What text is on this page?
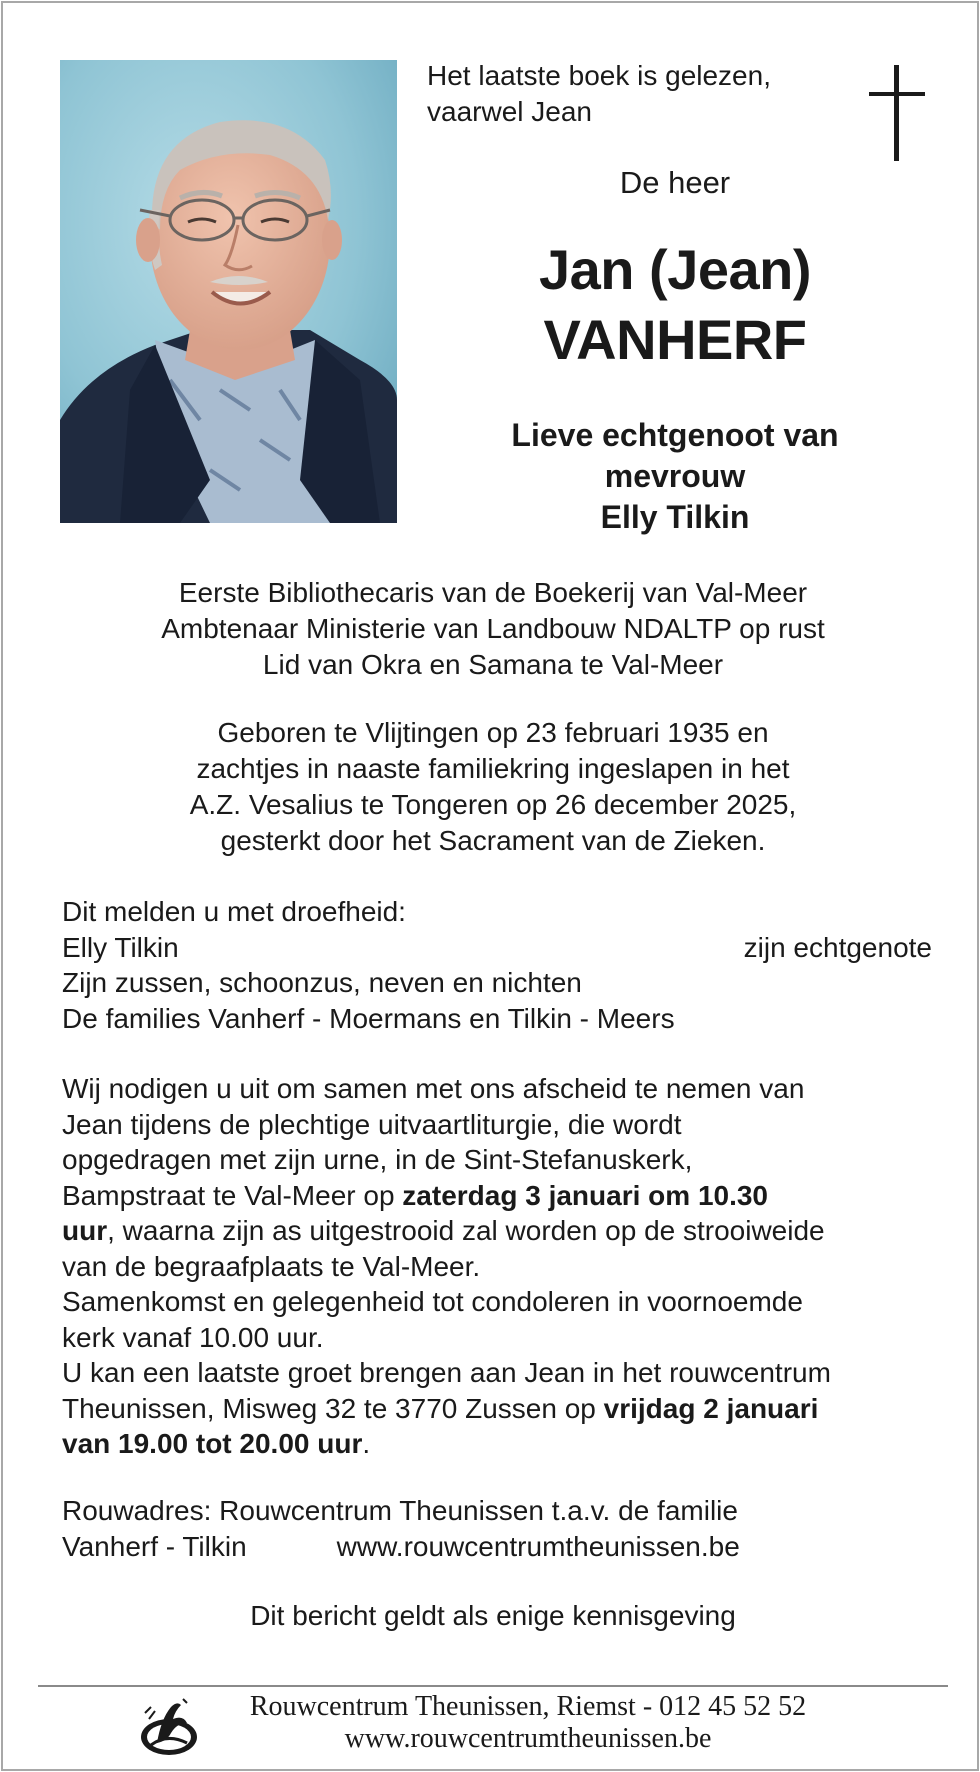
Het laatste boek is gelezen,
vaarwel Jean
De heer
Jan (Jean)
VANHERF
Lieve echtgenoot van
mevrouw
Elly Tilkin
Eerste Bibliothecaris van de Boekerij van Val-Meer
Ambtenaar Ministerie van Landbouw NDALTP op rust
Lid van Okra en Samana te Val-Meer
Geboren te Vlijtingen op 23 februari 1935 en
zachtjes in naaste familiekring ingeslapen in het
A.Z. Vesalius te Tongeren op 26 december 2025,
gesterkt door het Sacrament van de Zieken.
Dit melden u met droefheid:
Elly Tilkin	zijn echtgenote
Zijn zussen, schoonzus, neven en nichten
De families Vanherf - Moermans en Tilkin - Meers
Wij nodigen u uit om samen met ons afscheid te nemen van
Jean tijdens de plechtige uitvaartliturgie, die wordt
opgedragen met zijn urne, in de Sint-Stefanuskerk,
Bampstraat te Val-Meer op zaterdag 3 januari om 10.30
uur, waarna zijn as uitgestrooid zal worden op de strooiweide
van de begraafplaats te Val-Meer.
Samenkomst en gelegenheid tot condoleren in voornoemde
kerk vanaf 10.00 uur.
U kan een laatste groet brengen aan Jean in het rouwcentrum
Theunissen, Misweg 32 te 3770 Zussen op vrijdag 2 januari
van 19.00 tot 20.00 uur.
Rouwadres: Rouwcentrum Theunissen t.a.v. de familie
Vanherf - Tilkin	www.rouwcentrumtheunissen.be
Dit bericht geldt als enige kennisgeving
Rouwcentrum Theunissen, Riemst - 012 45 52 52
www.rouwcentrumtheunissen.be
